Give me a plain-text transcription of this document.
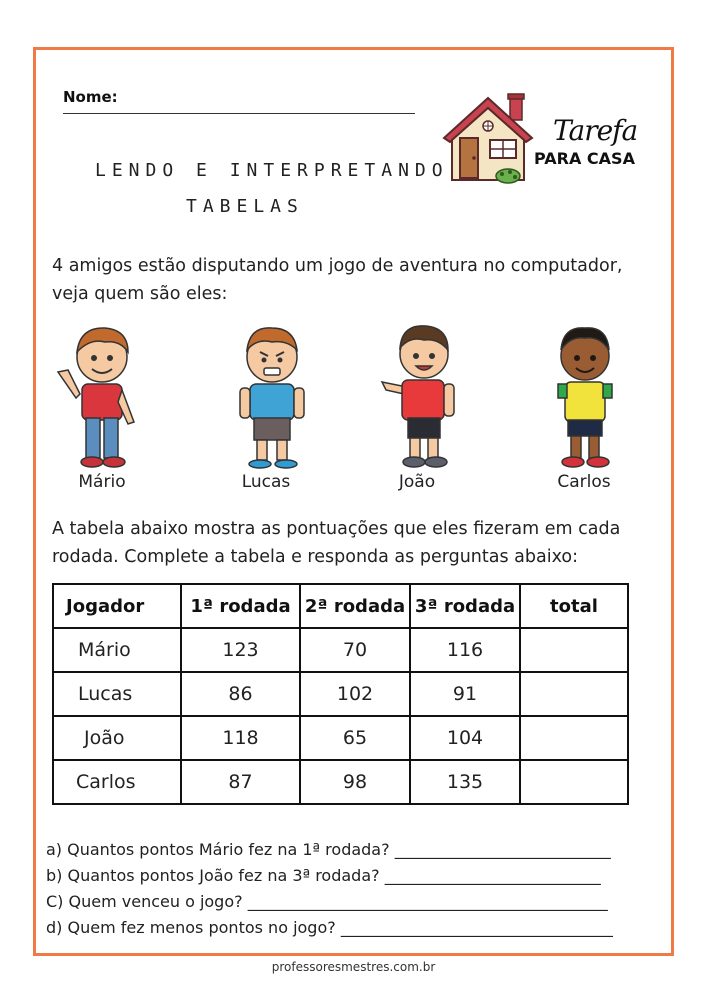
Nome:
LENDO E INTERPRETANDO
TABELAS
Tarefa
PARA CASA
4 amigos estão disputando um jogo de aventura no computador, veja quem são eles:
Mário	Lucas	João	Carlos
A tabela abaixo mostra as pontuações que eles fizeram em cada rodada. Complete a tabela e responda as perguntas abaixo:
Jogador	1ª rodada	2ª rodada	3ª rodada	total
Mário	123	70	116	
Lucas	86	102	91	
João	118	65	104	
Carlos	87	98	135	
a) Quantos pontos Mário fez na 1ª rodada? ___________________________
b) Quantos pontos João fez na 3ª rodada? ___________________________
C) Quem venceu o jogo? _____________________________________________
d) Quem fez menos pontos no jogo? __________________________________
professoresmestres.com.br
